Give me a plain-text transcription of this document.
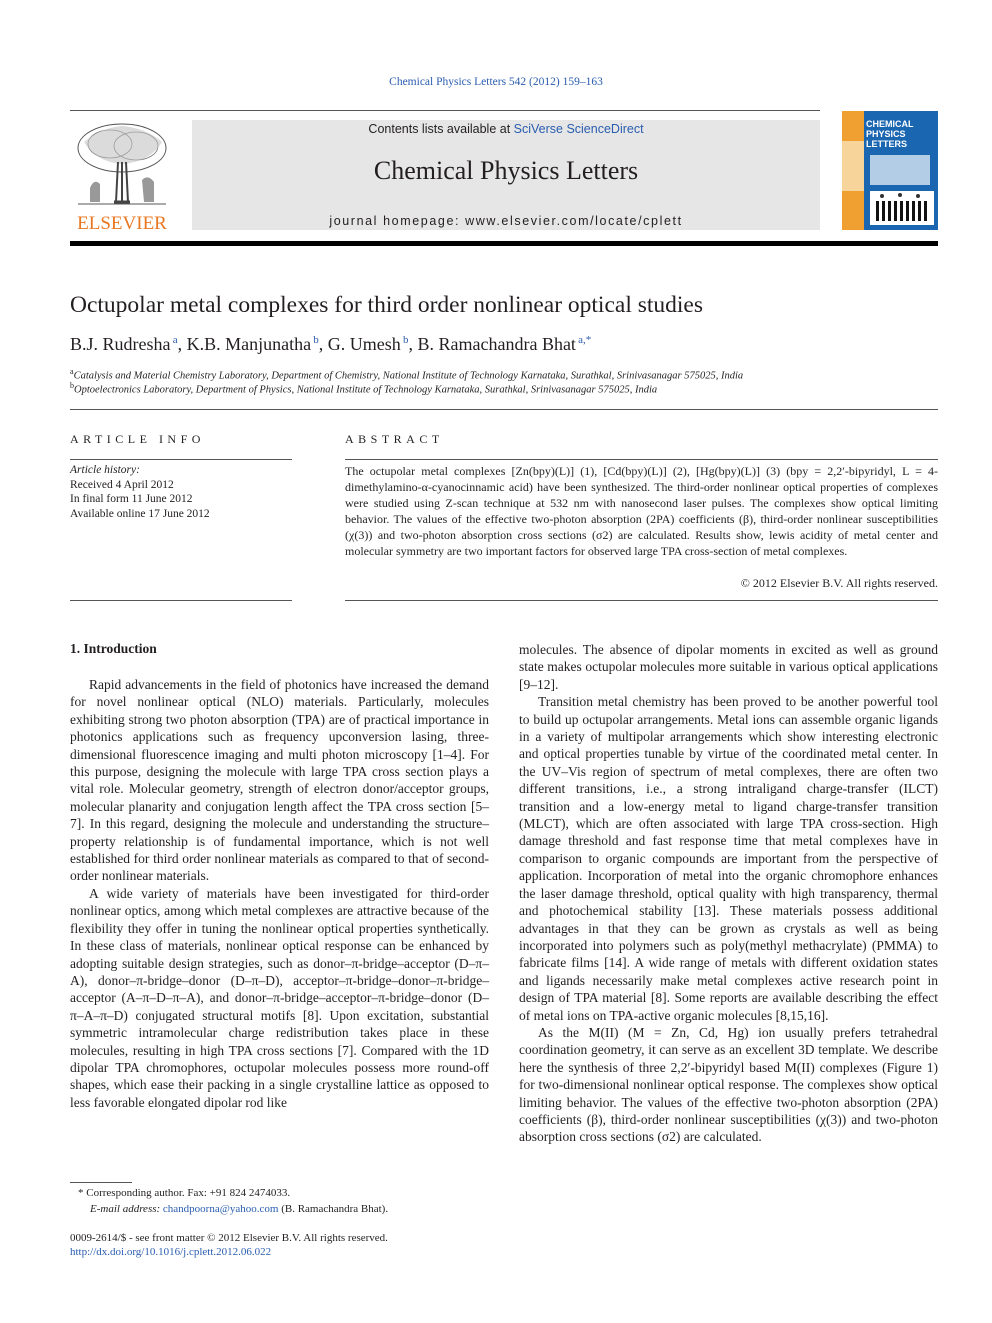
Chemical Physics Letters 542 (2012) 159–163
ELSEVIER
Contents lists available at SciVerse ScienceDirect
Chemical Physics Letters
journal homepage: www.elsevier.com/locate/cplett
CHEMICAL PHYSICS LETTERS
Octupolar metal complexes for third order nonlinear optical studies
B.J. Rudresha  $^a$, K.B. Manjunatha  $^b$, G. Umesh  $^b$, B. Ramachandra Bhat  $^{a,*}$
$^a$Catalysis and Material Chemistry Laboratory, Department of Chemistry, National Institute of Technology Karnataka, Surathkal, Srinivasanagar 575025, India
$^b$Optoelectronics Laboratory, Department of Physics, National Institute of Technology Karnataka, Surathkal, Srinivasanagar 575025, India
ARTICLE INFO	ABSTRACT
Article history:
Received 4 April 2012
In final form 11 June 2012
Available online 17 June 2012
The octupolar metal complexes [Zn(bpy)(L)] (1), [Cd(bpy)(L)] (2), [Hg(bpy)(L)] (3) (bpy = 2,2′-bipyridyl, L = 4-dimethylamino-α-cyanocinnamic acid) have been synthesized. The third-order nonlinear optical properties of complexes were studied using Z-scan technique at 532 nm with nanosecond laser pulses. The complexes show optical limiting behavior. The values of the effective two-photon absorption (2PA) coefficients (β), third-order nonlinear susceptibilities (χ(3)) and two-photon absorption cross sections (σ2) are calculated. Results show, lewis acidity of metal center and molecular symmetry are two important factors for observed large TPA cross-section of metal complexes.
© 2012 Elsevier B.V. All rights reserved.
1. Introduction

Rapid advancements in the field of photonics have increased the demand for novel nonlinear optical (NLO) materials. Particularly, molecules exhibiting strong two photon absorption (TPA) are of practical importance in photonics applications such as frequency upconversion lasing, three-dimensional fluorescence imaging and multi photon microscopy [1–4]. For this purpose, designing the molecule with large TPA cross section plays a vital role. Molecular geometry, strength of electron donor/acceptor groups, molecular planarity and conjugation length affect the TPA cross section [5–7]. In this regard, designing the molecule and understanding the structure–property relationship is of fundamental importance, which is not well established for third order nonlinear materials as compared to that of second-order nonlinear materials.

A wide variety of materials have been investigated for third-order nonlinear optics, among which metal complexes are attractive because of the flexibility they offer in tuning the nonlinear optical properties synthetically. In these class of materials, nonlinear optical response can be enhanced by adopting suitable design strategies, such as donor–π-bridge–acceptor (D–π–A), donor–π-bridge–donor (D–π–D), acceptor–π-bridge–donor–π-bridge–acceptor (A–π–D–π–A), and donor–π-bridge–acceptor–π-bridge–donor (D–π–A–π–D) conjugated structural motifs [8]. Upon excitation, substantial symmetric intramolecular charge redistribution takes place in these molecules, resulting in high TPA cross sections [7]. Compared with the 1D dipolar TPA chromophores, octupolar molecules possess more round-off shapes, which ease their packing in a single crystalline lattice as opposed to less favorable elongated dipolar rod like

molecules. The absence of dipolar moments in excited as well as ground state makes octupolar molecules more suitable in various optical applications [9–12].

Transition metal chemistry has been proved to be another powerful tool to build up octupolar arrangements. Metal ions can assemble organic ligands in a variety of multipolar arrangements which show interesting electronic and optical properties tunable by virtue of the coordinated metal center. In the UV–Vis region of spectrum of metal complexes, there are often two different transitions, i.e., a strong intraligand charge-transfer (ILCT) transition and a low-energy metal to ligand charge-transfer transition (MLCT), which are often associated with large TPA cross-section. High damage threshold and fast response time that metal complexes have in comparison to organic compounds are important from the perspective of application. Incorporation of metal into the organic chromophore enhances the laser damage threshold, optical quality with high transparency, thermal and photochemical stability [13]. These materials possess additional advantages in that they can be grown as crystals as well as being incorporated into polymers such as poly(methyl methacrylate) (PMMA) to fabricate films [14]. A wide range of metals with different oxidation states and ligands necessarily make metal complexes active research point in design of TPA material [8]. Some reports are available describing the effect of metal ions on TPA-active organic molecules [8,15,16].

As the M(II) (M = Zn, Cd, Hg) ion usually prefers tetrahedral coordination geometry, it can serve as an excellent 3D template. We describe here the synthesis of three 2,2′-bipyridyl based M(II) complexes (Figure 1) for two-dimensional nonlinear optical response. The complexes show optical limiting behavior. The values of the effective two-photon absorption (2PA) coefficients (β), third-order nonlinear susceptibilities (χ(3)) and two-photon absorption cross sections (σ2) are calculated.

* Corresponding author. Fax: +91 824 2474033.
E-mail address: chandpoorna@yahoo.com (B. Ramachandra Bhat).
0009-2614/$ - see front matter © 2012 Elsevier B.V. All rights reserved.
http://dx.doi.org/10.1016/j.cplett.2012.06.022
